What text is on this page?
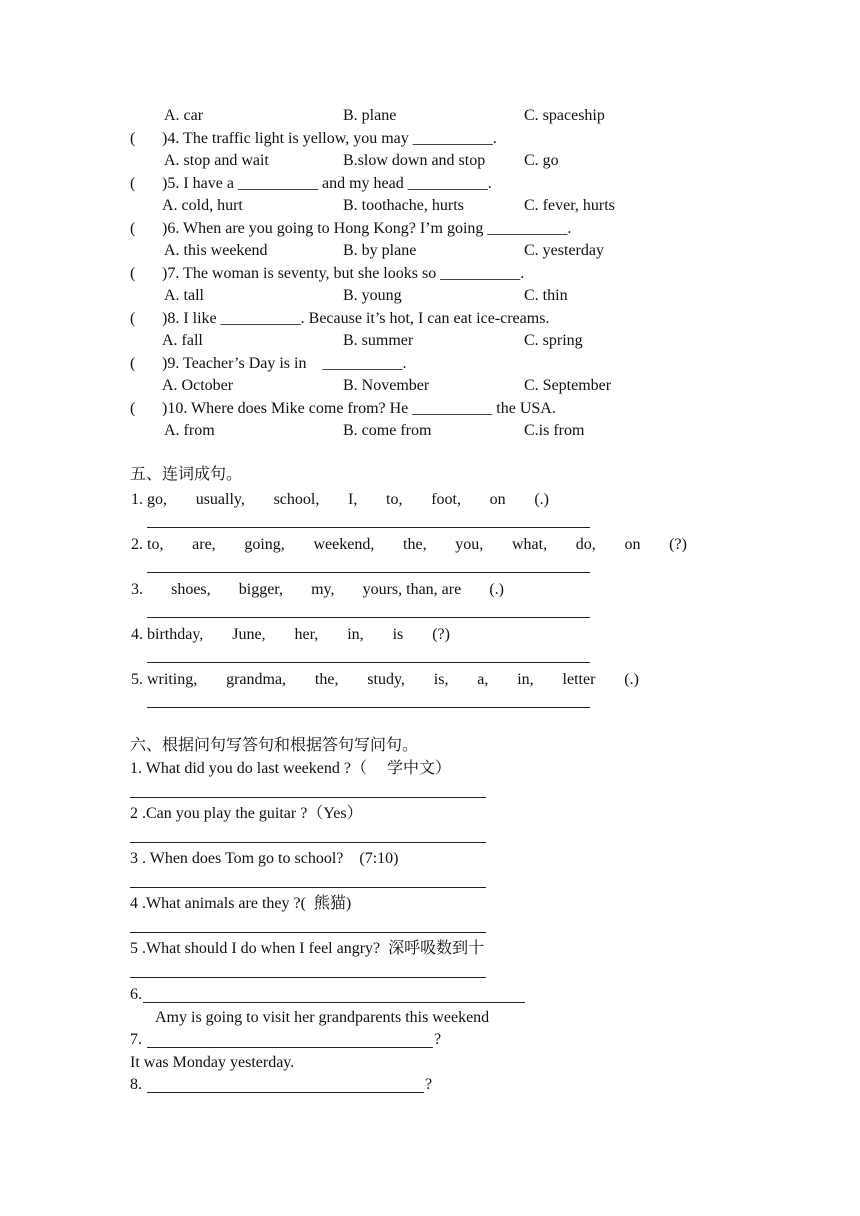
A. car	B. plane	C. spaceship
( )4. The traffic light is yellow, you may __________.
A. stop and wait	B.slow down and stop C. go
( )5. I have a __________ and my head __________.
A. cold, hurt	B. toothache, hurts	C. fever, hurts
( )6. When are you going to Hong Kong? I’m going __________.
A. this weekend	B. by plane	C. yesterday
( )7. The woman is seventy, but she looks so __________.
A. tall	B. young	C. thin
( )8. I like __________. Because it’s hot, I can eat ice-creams.
A. fall	B. summer	C. spring
( )9. Teacher’s Day is in    __________.
A. October	B. November	C. September
( )10. Where does Mike come from? He __________ the USA.
A. from	B. come from	C.is from
五、连词成句。
1. go, usually, school, I, to, foot, on (.)
2. to, are, going, weekend, the, you, what, do, on (?)
3. shoes, bigger, my, yours, than, are (.)
4. birthday, June, her, in, is (?)
5. writing, grandma, the, study, is, a, in, letter (.)
六、根据问句写答句和根据答句写问句。
1. What did you do last weekend ?（　 学中文）
2 .Can you play the guitar ?（Yes）
3 . When does Tom go to school?　(7:10)
4 .What animals are they ?(  熊猫)
5 .What should I do when I feel angry?  深呼吸数到十
6.
Amy is going to visit her grandparents this weekend
7.	?
It was Monday yesterday.
8.	?
